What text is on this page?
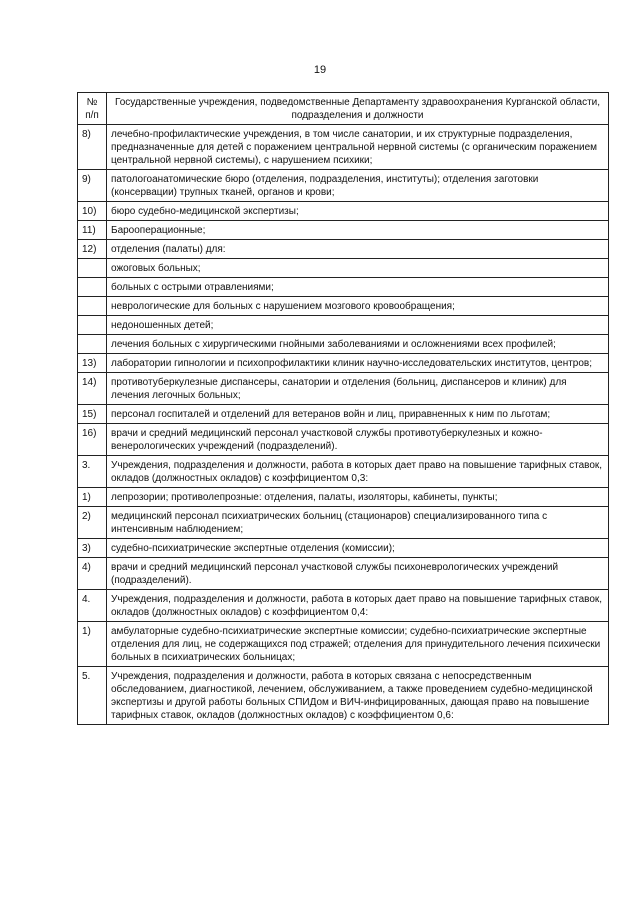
19
№ п/п	Государственные учреждения, подведомственные Департаменту здравоохранения Курганской области, подразделения и должности
8)	лечебно-профилактические учреждения, в том числе санатории, и их структурные подразделения, предназначенные для детей с поражением центральной нервной системы (с органическим поражением центральной нервной системы), с нарушением психики;
9)	патологоанатомические бюро (отделения, подразделения, институты); отделения заготовки (консервации) трупных тканей, органов и крови;
10)	бюро судебно-медицинской экспертизы;
11)	Барооперационные;
12)	отделения (палаты) для:
	ожоговых больных;
	больных с острыми отравлениями;
	неврологические для больных с нарушением мозгового кровообращения;
	недоношенных детей;
	лечения больных с хирургическими гнойными заболеваниями и осложнениями всех профилей;
13)	лаборатории гипнологии и психопрофилактики клиник научно-исследовательских институтов, центров;
14)	противотуберкулезные диспансеры, санатории и отделения (больниц, диспансеров и клиник) для лечения легочных больных;
15)	персонал госпиталей и отделений для ветеранов войн и лиц, приравненных к ним по льготам;
16)	врачи и средний медицинский персонал участковой службы противотуберкулезных и кожно-венерологических учреждений (подразделений).
3.	Учреждения, подразделения и должности, работа в которых дает право на повышение тарифных ставок, окладов (должностных окладов) с коэффициентом 0,3:
1)	лепрозории; противолепрозные: отделения, палаты, изоляторы, кабинеты, пункты;
2)	медицинский персонал психиатрических больниц (стационаров) специализированного типа с интенсивным наблюдением;
3)	судебно-психиатрические экспертные отделения (комиссии);
4)	врачи и средний медицинский персонал участковой службы психоневрологических учреждений (подразделений).
4.	Учреждения, подразделения и должности, работа в которых дает право на повышение тарифных ставок, окладов (должностных окладов) с коэффициентом 0,4:
1)	амбулаторные судебно-психиатрические экспертные комиссии; судебно-психиатрические экспертные отделения для лиц, не содержащихся под стражей; отделения для принудительного лечения психически больных в психиатрических больницах;
5.	Учреждения, подразделения и должности, работа в которых связана с непосредственным обследованием, диагностикой, лечением, обслуживанием, а также проведением судебно-медицинской экспертизы и другой работы больных СПИДом и ВИЧ-инфицированных, дающая право на повышение тарифных ставок, окладов (должностных окладов) с коэффициентом 0,6:
